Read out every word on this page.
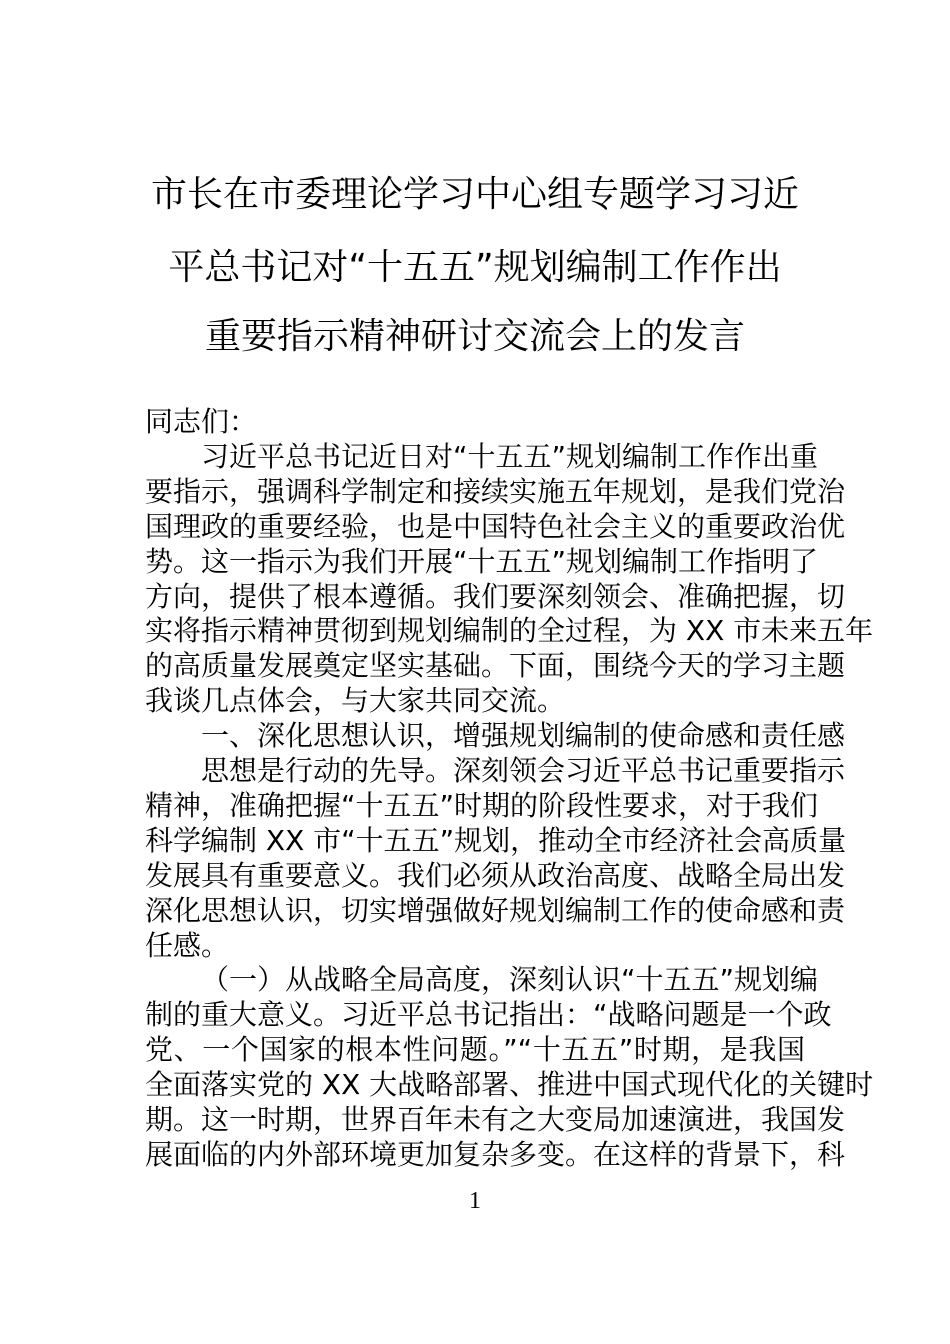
市长在市委理论学习中心组专题学习习近
平总书记对“十五五”规划编制工作作出
重要指示精神研讨交流会上的发言
同志们：
习近平总书记近日对“十五五”规划编制工作作出重
要指示，强调科学制定和接续实施五年规划，是我们党治
国理政的重要经验，也是中国特色社会主义的重要政治优
势。这一指示为我们开展“十五五”规划编制工作指明了
方向，提供了根本遵循。我们要深刻领会、准确把握，切
实将指示精神贯彻到规划编制的全过程，为 XX 市未来五年
的高质量发展奠定坚实基础。下面，围绕今天的学习主题
我谈几点体会，与大家共同交流。
一、深化思想认识，增强规划编制的使命感和责任感
思想是行动的先导。深刻领会习近平总书记重要指示
精神，准确把握“十五五”时期的阶段性要求，对于我们
科学编制 XX 市“十五五”规划，推动全市经济社会高质量
发展具有重要意义。我们必须从政治高度、战略全局出发
深化思想认识，切实增强做好规划编制工作的使命感和责
任感。
（一）从战略全局高度，深刻认识“十五五”规划编
制的重大意义。习近平总书记指出：“战略问题是一个政
党、一个国家的根本性问题。”“十五五”时期，是我国
全面落实党的 XX 大战略部署、推进中国式现代化的关键时
期。这一时期，世界百年未有之大变局加速演进，我国发
展面临的内外部环境更加复杂多变。在这样的背景下，科
1
